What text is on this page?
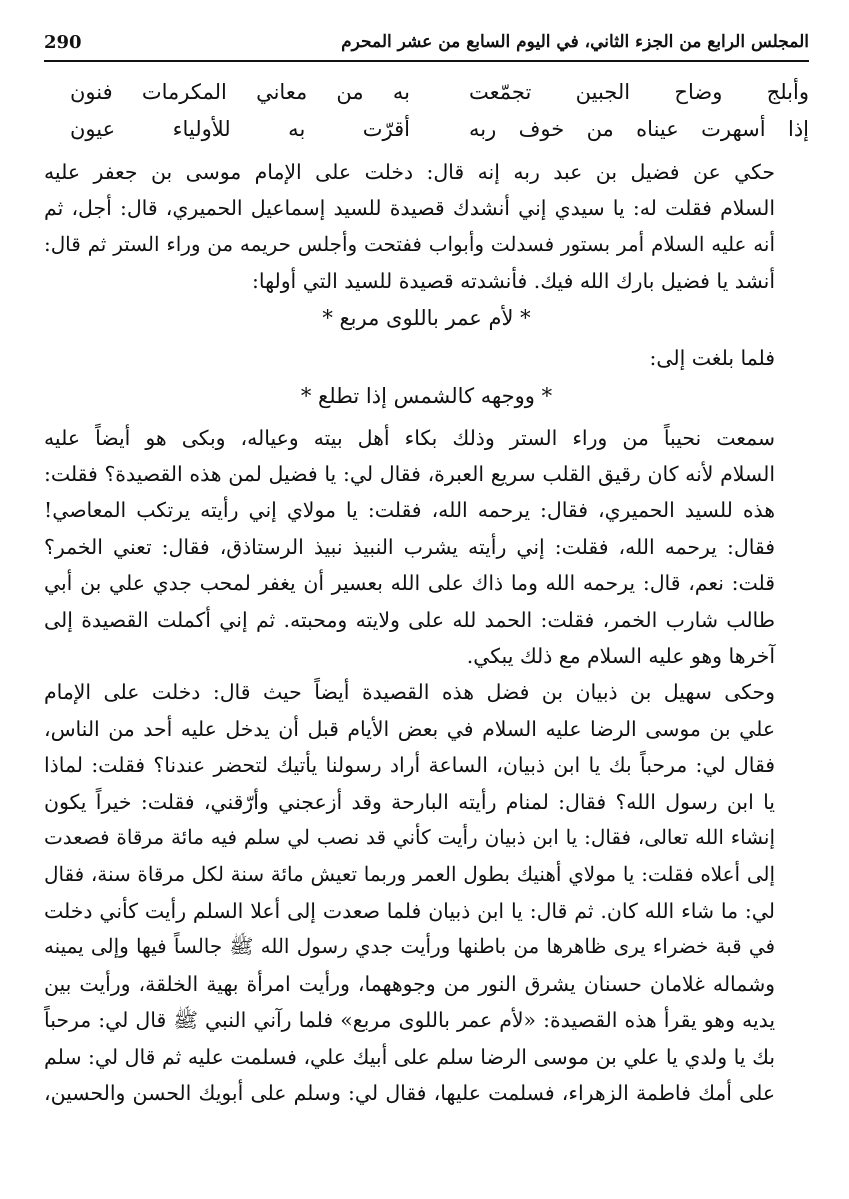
290	المجلس الرابع من الجزء الثاني، في اليوم السابع من عشر المحرم
وأبلج وضاح الجبين تجمّعت
به من معاني المكرمات فنون
إذا أسهرت عيناه من خوف ربه
أقرّت به للأولياء عيون

حكي عن فضيل بن عبد ربه إنه قال: دخلت على الإمام موسى بن جعفر عليه
السلام فقلت له: يا سيدي إني أنشدك قصيدة للسيد إسماعيل الحميري، قال: أجل، ثم
أنه عليه السلام أمر بستور فسدلت وأبواب ففتحت وأجلس حريمه من وراء الستر ثم قال:
أنشد يا فضيل بارك الله فيك. فأنشدته قصيدة للسيد التي أولها:

* لأم عمر باللوى مربع *

فلما بلغت إلى:

* ووجهه كالشمس إذا تطلع *

سمعت نحيباً من وراء الستر وذلك بكاء أهل بيته وعياله، وبكى هو أيضاً عليه
السلام لأنه كان رقيق القلب سريع العبرة، فقال لي: يا فضيل لمن هذه القصيدة؟ فقلت:
هذه للسيد الحميري، فقال: يرحمه الله، فقلت: يا مولاي إني رأيته يرتكب المعاصي!
فقال: يرحمه الله، فقلت: إني رأيته يشرب النبيذ نبيذ الرستاذق، فقال: تعني الخمر؟
قلت: نعم، قال: يرحمه الله وما ذاك على الله بعسير أن يغفر لمحب جدي علي بن أبي
طالب شارب الخمر، فقلت: الحمد لله على ولايته ومحبته. ثم إني أكملت القصيدة إلى
آخرها وهو عليه السلام مع ذلك يبكي.

وحكى سهيل بن ذبيان بن فضل هذه القصيدة أيضاً حيث قال: دخلت على الإمام
علي بن موسى الرضا عليه السلام في بعض الأيام قبل أن يدخل عليه أحد من الناس،
فقال لي: مرحباً بك يا ابن ذبيان، الساعة أراد رسولنا يأتيك لتحضر عندنا؟ فقلت: لماذا
يا ابن رسول الله؟ فقال: لمنام رأيته البارحة وقد أزعجني وأرّقني، فقلت: خيراً يكون
إنشاء الله تعالى، فقال: يا ابن ذبيان رأيت كأني قد نصب لي سلم فيه مائة مرقاة فصعدت
إلى أعلاه فقلت: يا مولاي أهنيك بطول العمر وربما تعيش مائة سنة لكل مرقاة سنة، فقال
لي: ما شاء الله كان. ثم قال: يا ابن ذبيان فلما صعدت إلى أعلا السلم رأيت كأني دخلت
في قبة خضراء يرى ظاهرها من باطنها ورأيت جدي رسول الله ﷺ جالساً فيها وإلى يمينه
وشماله غلامان حسنان يشرق النور من وجوههما، ورأيت امرأة بهية الخلقة، ورأيت بين
يديه وهو يقرأ هذه القصيدة: «لأم عمر باللوى مربع» فلما رآني النبي ﷺ قال لي: مرحباً
بك يا ولدي يا علي بن موسى الرضا سلم على أبيك علي، فسلمت عليه ثم قال لي: سلم
على أمك فاطمة الزهراء، فسلمت عليها، فقال لي: وسلم على أبويك الحسن والحسين،
